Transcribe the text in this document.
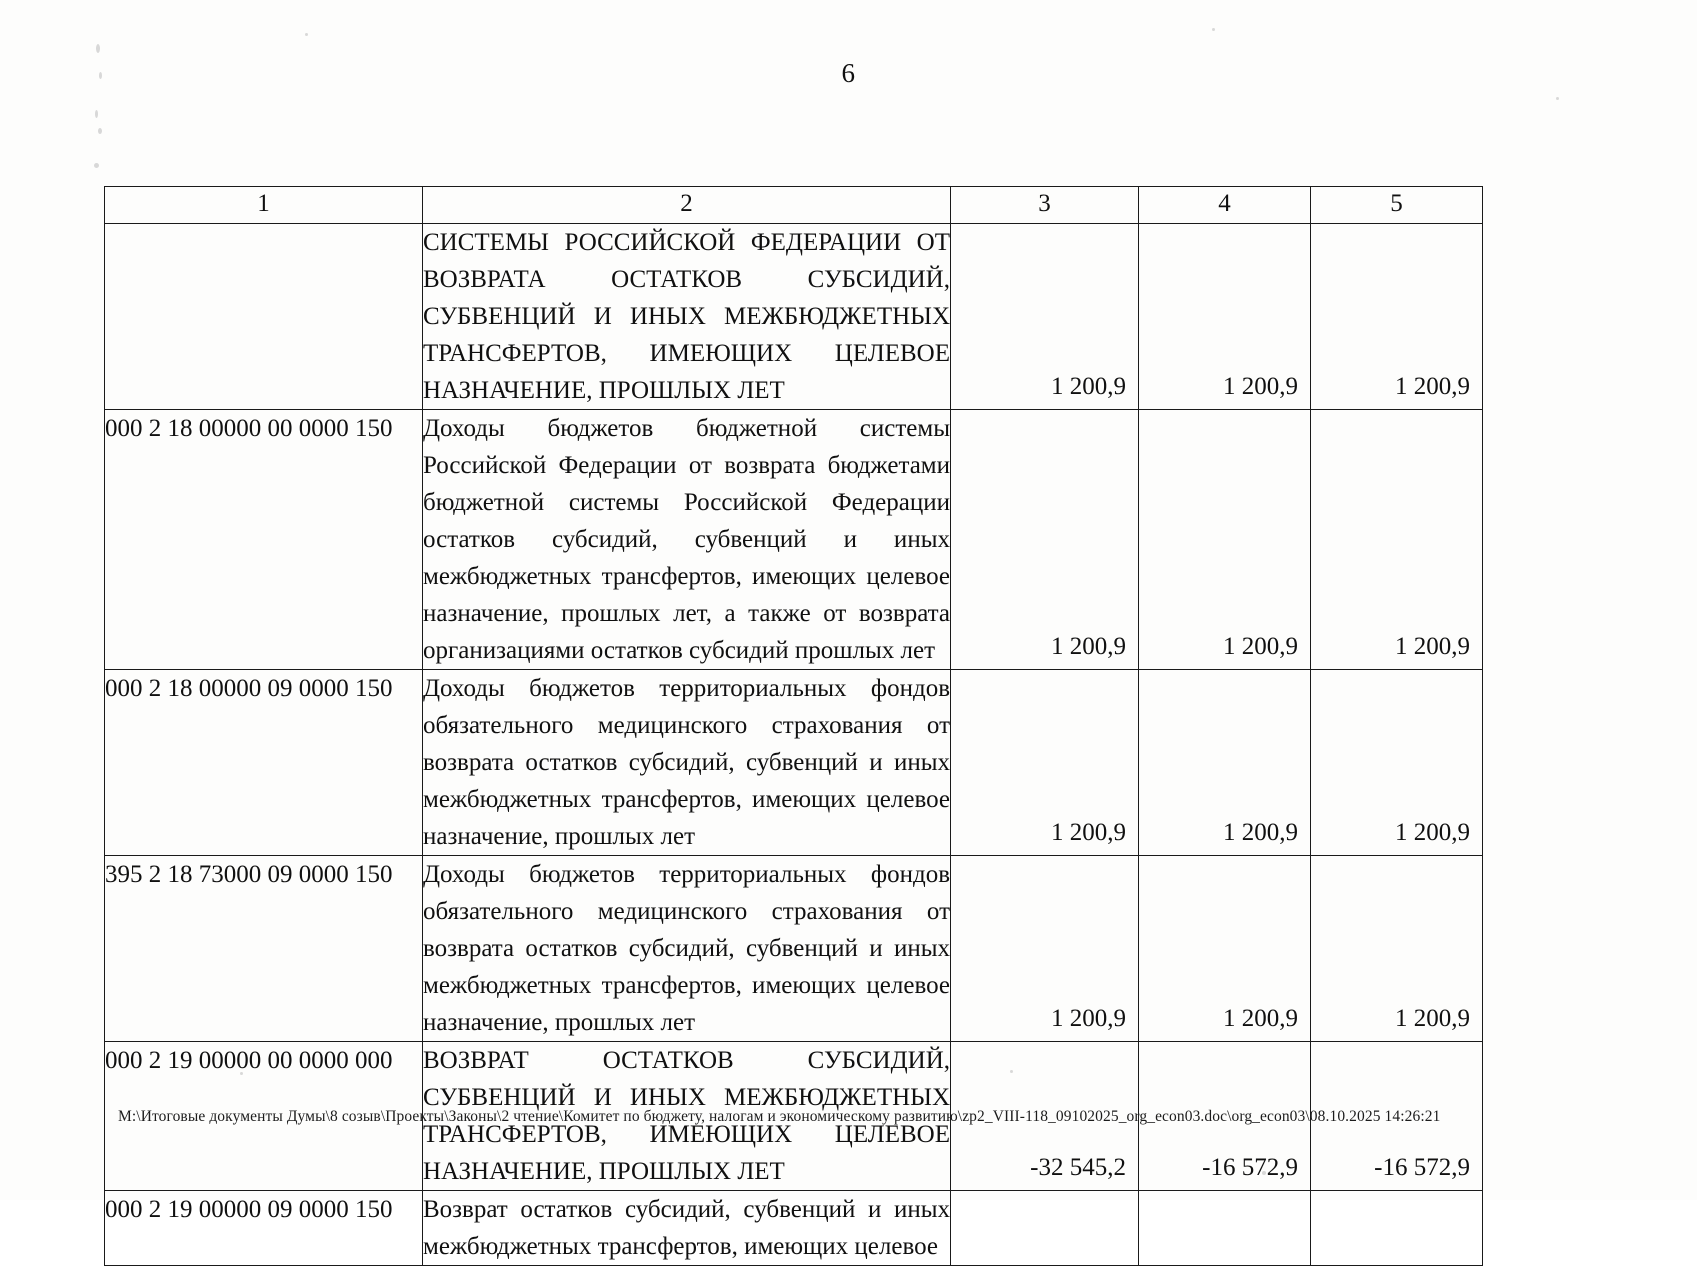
6
1	2	3	4	5
	СИСТЕМЫ РОССИЙСКОЙ ФЕДЕРАЦИИ ОТ ВОЗВРАТА ОСТАТКОВ СУБСИДИЙ, СУБВЕНЦИЙ И ИНЫХ МЕЖБЮДЖЕТНЫХ ТРАНСФЕРТОВ, ИМЕЮЩИХ ЦЕЛЕВОЕ НАЗНАЧЕНИЕ, ПРОШЛЫХ ЛЕТ	1 200,9	1 200,9	1 200,9

000 2 18 00000 00 0000 150	Доходы бюджетов бюджетной системы Российской Федерации от возврата бюджетами бюджетной системы Российской Федерации остатков субсидий, субвенций и иных межбюджетных трансфертов, имеющих целевое назначение, прошлых лет, а также от возврата организациями остатков субсидий прошлых лет	1 200,9	1 200,9	1 200,9

000 2 18 00000 09 0000 150	Доходы бюджетов территориальных фондов обязательного медицинского страхования от возврата остатков субсидий, субвенций и иных межбюджетных трансфертов, имеющих целевое назначение, прошлых лет	1 200,9	1 200,9	1 200,9

395 2 18 73000 09 0000 150	Доходы бюджетов территориальных фондов обязательного медицинского страхования от возврата остатков субсидий, субвенций и иных межбюджетных трансфертов, имеющих целевое назначение, прошлых лет	1 200,9	1 200,9	1 200,9

000 2 19 00000 00 0000 000	ВОЗВРАТ ОСТАТКОВ СУБСИДИЙ, СУБВЕНЦИЙ И ИНЫХ МЕЖБЮДЖЕТНЫХ ТРАНСФЕРТОВ, ИМЕЮЩИХ ЦЕЛЕВОЕ НАЗНАЧЕНИЕ, ПРОШЛЫХ ЛЕТ	-32 545,2	-16 572,9	-16 572,9

000 2 19 00000 09 0000 150	Возврат остатков субсидий, субвенций и иных межбюджетных трансфертов, имеющих целевое	

M:\Итоговые документы Думы\8 созыв\Проекты\Законы\2 чтение\Комитет по бюджету, налогам и экономическому развитию\zp2_VIII-118_09102025_org_econ03.doc\org_econ03\08.10.2025 14:26:21
